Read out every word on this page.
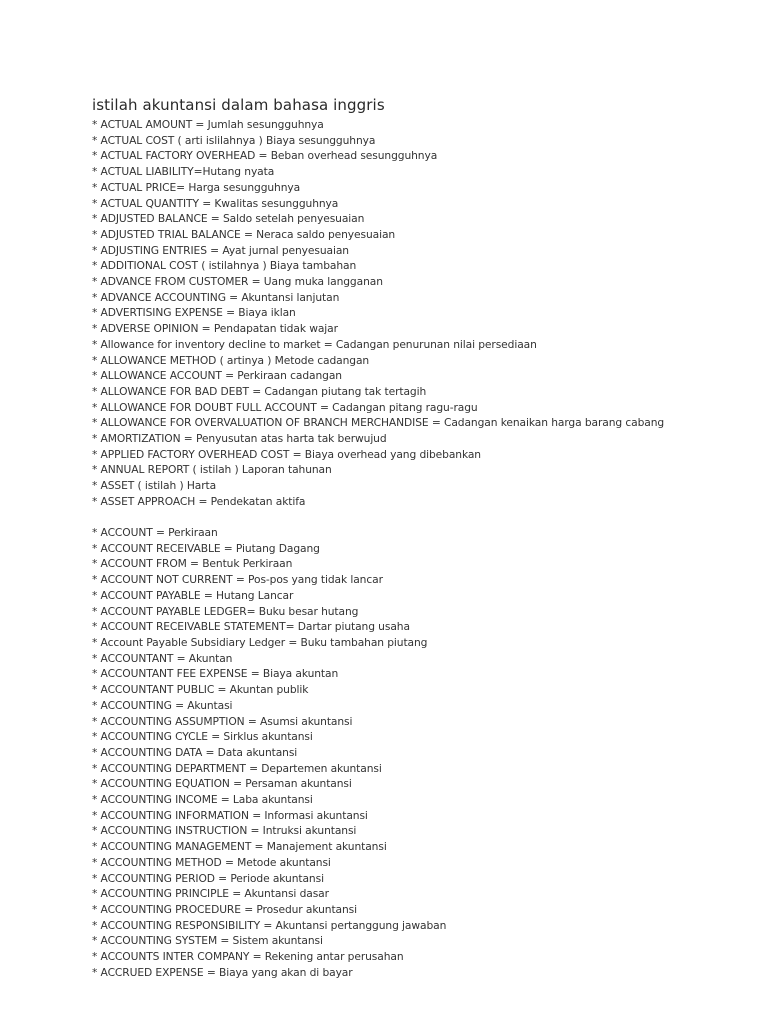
istilah akuntansi dalam bahasa inggris
* ACTUAL AMOUNT = Jumlah sesungguhnya
* ACTUAL COST ( arti islilahnya ) Biaya sesungguhnya
* ACTUAL FACTORY OVERHEAD = Beban overhead sesungguhnya
* ACTUAL LIABILITY=Hutang nyata
* ACTUAL PRICE= Harga sesungguhnya
* ACTUAL QUANTITY = Kwalitas sesungguhnya
* ADJUSTED BALANCE = Saldo setelah penyesuaian
* ADJUSTED TRIAL BALANCE = Neraca saldo penyesuaian
* ADJUSTING ENTRIES = Ayat jurnal penyesuaian
* ADDITIONAL COST ( istilahnya ) Biaya tambahan
* ADVANCE FROM CUSTOMER = Uang muka langganan
* ADVANCE ACCOUNTING = Akuntansi lanjutan
* ADVERTISING EXPENSE = Biaya iklan
* ADVERSE OPINION = Pendapatan tidak wajar
* Allowance for inventory decline to market = Cadangan penurunan nilai persediaan
* ALLOWANCE METHOD ( artinya ) Metode cadangan
* ALLOWANCE ACCOUNT = Perkiraan cadangan
* ALLOWANCE FOR BAD DEBT = Cadangan piutang tak tertagih
* ALLOWANCE FOR DOUBT FULL ACCOUNT = Cadangan pitang ragu-ragu
* ALLOWANCE FOR OVERVALUATION OF BRANCH MERCHANDISE = Cadangan kenaikan harga barang cabang
* AMORTIZATION = Penyusutan atas harta tak berwujud
* APPLIED FACTORY OVERHEAD COST = Biaya overhead yang dibebankan
* ANNUAL REPORT ( istilah ) Laporan tahunan
* ASSET ( istilah ) Harta
* ASSET APPROACH = Pendekatan aktifa
* ACCOUNT = Perkiraan
* ACCOUNT RECEIVABLE = Piutang Dagang
* ACCOUNT FROM = Bentuk Perkiraan
* ACCOUNT NOT CURRENT = Pos-pos yang tidak lancar
* ACCOUNT PAYABLE = Hutang Lancar
* ACCOUNT PAYABLE LEDGER= Buku besar hutang
* ACCOUNT RECEIVABLE STATEMENT= Dartar piutang usaha
* Account Payable Subsidiary Ledger = Buku tambahan piutang
* ACCOUNTANT = Akuntan
* ACCOUNTANT FEE EXPENSE = Biaya akuntan
* ACCOUNTANT PUBLIC = Akuntan publik
* ACCOUNTING = Akuntasi
* ACCOUNTING ASSUMPTION = Asumsi akuntansi
* ACCOUNTING CYCLE = Sirklus akuntansi
* ACCOUNTING DATA = Data akuntansi
* ACCOUNTING DEPARTMENT = Departemen akuntansi
* ACCOUNTING EQUATION = Persaman akuntansi
* ACCOUNTING INCOME = Laba akuntansi
* ACCOUNTING INFORMATION = Informasi akuntansi
* ACCOUNTING INSTRUCTION = Intruksi akuntansi
* ACCOUNTING MANAGEMENT = Manajement akuntansi
* ACCOUNTING METHOD = Metode akuntansi
* ACCOUNTING PERIOD = Periode akuntansi
* ACCOUNTING PRINCIPLE = Akuntansi dasar
* ACCOUNTING PROCEDURE = Prosedur akuntansi
* ACCOUNTING RESPONSIBILITY = Akuntansi pertanggung jawaban
* ACCOUNTING SYSTEM = Sistem akuntansi
* ACCOUNTS INTER COMPANY = Rekening antar perusahan
* ACCRUED EXPENSE = Biaya yang akan di bayar
